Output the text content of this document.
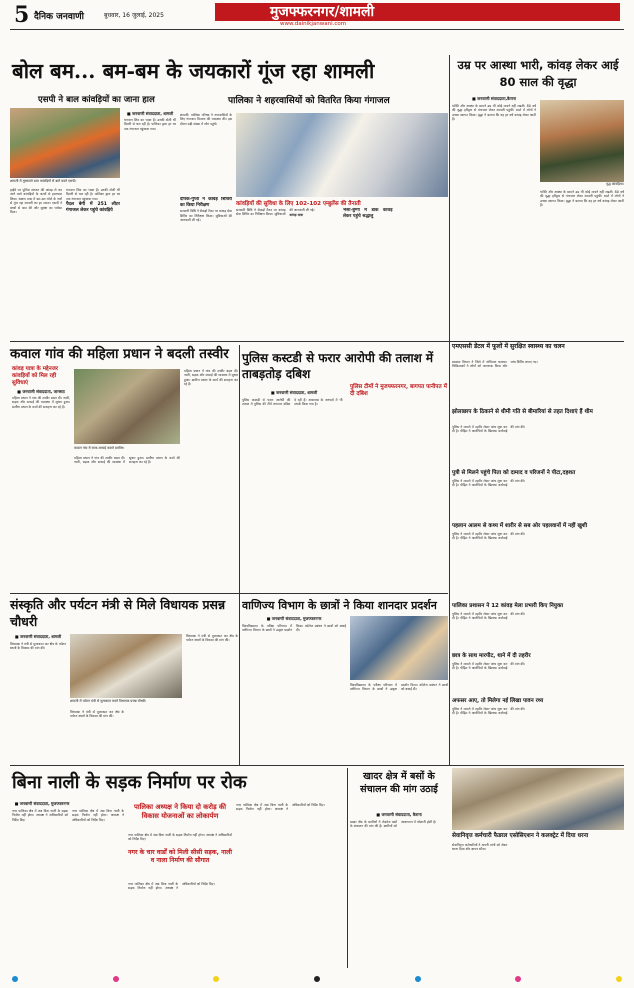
5 दैनिक जनवाणी	बुधवार, 16 जुलाई, 2025	मुजफ्फरनगर/शामली
www.dainikjanwani.com
बोल बम... बम-बम के जयकारों गूंज रहा शामली
एसपी ने बाल कांवड़ियों का जाना हाल	पालिका ने शहरवासियों को वितरित किया गंगाजल
शामली में मुस्कराते बाल कांवड़ियों से बातें करते एसपी।

हाईवे पर पुलिस संगठन की कांवड़ ले कर जाने वाले कांवड़ियों के जत्थों से हालचाल लिया। श्रावण मास में बम-बम भोले के नारों से गूंज रहा शामली का हर रास्ता। एसपी ने बच्चों से बात की और सुरक्षा का भरोसा दिया।

भगवान शिव का भक्त हैं। उनकी टोली भी दिल्ली से चल रही है। पालिका द्वारा हर घर तक गंगाजल पहुंचाया गया।

पैदल बेगी में 251 लीटर गंगाजल लेकर पहुंचे कांवड़िये

■ जनवाणी संवाददाता, शामली

भगवान शिव का भक्त हैं। उनकी टोली भी दिल्ली से चल रही है। पालिका द्वारा हर घर तक गंगाजल पहुंचाया गया।

शामली: पालिका परिषद ने नगरवासियों के लिए गंगाजल वितरण की व्यवस्था की। इस दौरान बड़ी संख्या में लोग पहुंचे।

कांवड़ियों की सुविधा के लिए 102-102 एम्बुलेंस की तैनाती

दीपक-गुप्ता ने कांवड़ शिविरों का किया निरीक्षण

सरकारी बिधि ने सैकड़ों टैंकर पर कांवड़ सेवा शिविर का निरीक्षण किया। सुविधाओं की जानकारी ली गई।

सरकारी बिधि ने सैकड़ों टैंकर पर कांवड़ सेवा शिविर का निरीक्षण किया। सुविधाओं की जानकारी ली गई।

कांवड़ यात्रा

भैंसा-बुग्गी में डाक कांवड़ लेकर पहुंचे श्रद्धालु

उम्र पर आस्था भारी, कांवड़ लेकर आई 80 साल की वृद्धा
■ जनवाणी संवाददाता,कैराना
वृद्ध कांवड़िया।

भक्ति और आस्था के सामने उम्र भी कोई मायने नहीं रखती। 80 वर्ष की वृद्धा हरिद्वार से गंगाजल लेकर शामली पहुंची। रास्ते में लोगों ने उनका स्वागत किया। वृद्धा ने बताया कि वह हर वर्ष कांवड़ लेकर आती हैं।

भक्ति और आस्था के सामने उम्र भी कोई मायने नहीं रखती। 80 वर्ष की वृद्धा हरिद्वार से गंगाजल लेकर शामली पहुंची। रास्ते में लोगों ने उनका स्वागत किया। वृद्धा ने बताया कि वह हर वर्ष कांवड़ लेकर आती हैं।

कवाल गांव की महिला प्रधान ने बदली तस्वीर
कांवड़ यात्रा के मद्देनजर कांवड़ियों को मिल रही सुविधाएं
■ जनवाणी संवाददाता, जानसठ

महिला प्रधान ने गांव की तस्वीर बदल दी। नाली, सड़क और सफाई की व्यवस्था में सुधार हुआ। ग्रामीण प्रधान के कार्य की सराहना कर रहे हैं।

कवाल गांव में साफ-सफाई कराते ग्रामीण।

महिला प्रधान ने गांव की तस्वीर बदल दी। नाली, सड़क और सफाई की व्यवस्था में सुधार हुआ। ग्रामीण प्रधान के कार्य की सराहना कर रहे हैं।

महिला प्रधान ने गांव की तस्वीर बदल दी। नाली, सड़क और सफाई की व्यवस्था में सुधार हुआ। ग्रामीण प्रधान के कार्य की सराहना कर रहे हैं।

पुलिस कस्टडी से फरार आरोपी की तलाश में ताबड़तोड़ दबिश
पुलिस टीमों ने मुजफ्फरनगर, बागपत पानीपत में दी दबिश
■ जनवाणी संवाददाता, शामली

पुलिस कस्टडी से फरार आरोपी की तलाश में पुलिस की टीमें लगातार दबिश दे रही हैं। आसपास के जनपदों में भी संपर्क किया गया है।

एमएससी डेंटल में फूलों में सुरक्षित स्वास्थ्य का चलन

स्वास्थ्य विभाग ने जिले में अभियान चलाया। चिकित्सकों ने लोगों को जागरूक किया और जांच शिविर लगाए गए।

झोलाछाप के ठिकाने से धीमी गति से बीमारियां से तहत दिशाएं हैं थीम

पुलिस ने मामले में तहरीर लेकर जांच शुरू कर दी है। पीड़ित ने आरोपियों के खिलाफ कार्रवाई की मांग की।

पुत्री से मिलने पहुंचे पिता को दामाद व परिजनों ने पीटा,दहशत

पुलिस ने मामले में तहरीर लेकर जांच शुरू कर दी है। पीड़ित ने आरोपियों के खिलाफ कार्रवाई की मांग की।

पहलान आलम से कथ्य में शारीर से सब ओर पहलवानों में नहीं खुशी

पुलिस ने मामले में तहरीर लेकर जांच शुरू कर दी है। पीड़ित ने आरोपियों के खिलाफ कार्रवाई की मांग की।

पालिका प्रशासन ने 12 कांवड़ मेला प्रभारी किए नियुक्त

पुलिस ने मामले में तहरीर लेकर जांच शुरू कर दी है। पीड़ित ने आरोपियों के खिलाफ कार्रवाई की मांग की।

छात्र के साथ मारपीट, थाने में दी तहरीर

पुलिस ने मामले में तहरीर लेकर जांच शुरू कर दी है। पीड़ित ने आरोपियों के खिलाफ कार्रवाई की मांग की।

अफसर आए, तो मिलेगा नई लिखा पावन रथ्य

पुलिस ने मामले में तहरीर लेकर जांच शुरू कर दी है। पीड़ित ने आरोपियों के खिलाफ कार्रवाई की मांग की।

संस्कृति और पर्यटन मंत्री से मिले विधायक प्रसन्न चौधरी
■ जनवाणी संवाददाता, शामली

विधायक ने मंत्री से मुलाकात कर क्षेत्र के पर्यटन स्थलों के विकास की मांग की।

शामली में पर्यटन मंत्री से मुलाकात करते विधायक प्रसन्न चौधरी।

विधायक ने मंत्री से मुलाकात कर क्षेत्र के पर्यटन स्थलों के विकास की मांग की।

विधायक ने मंत्री से मुलाकात कर क्षेत्र के पर्यटन स्थलों के विकास की मांग की।

वाणिज्य विभाग के छात्रों ने किया शानदार प्रदर्शन
■ जनवाणी संवाददाता, मुजफ्फरनगर

विश्वविद्यालय के परीक्षा परिणाम में वाणिज्य विभाग के छात्रों ने उत्कृष्ट प्रदर्शन किया। कॉलेज प्रबंधन ने छात्रों को बधाई दी।

विश्वविद्यालय के परीक्षा परिणाम में वाणिज्य विभाग के छात्रों ने उत्कृष्ट प्रदर्शन किया। कॉलेज प्रबंधन ने छात्रों को बधाई दी।

बिना नाली के सड़क निर्माण पर रोक
■ जनवाणी संवाददाता, मुजफ्फरनगर

नगर पालिका क्षेत्र में अब बिना नाली के सड़क निर्माण नहीं होगा। अध्यक्ष ने अधिकारियों को निर्देश दिए।

नगर पालिका क्षेत्र में अब बिना नाली के सड़क निर्माण नहीं होगा। अध्यक्ष ने अधिकारियों को निर्देश दिए।

पालिका अध्यक्ष ने किया दो करोड़ की विकास योजनाओं का लोकार्पण

नगर पालिका क्षेत्र में अब बिना नाली के सड़क निर्माण नहीं होगा। अध्यक्ष ने अधिकारियों को निर्देश दिए।

नगर के चार वार्डों को मिली सीसी सड़क, नाली व नाला निर्माण की सौगात

नगर पालिका क्षेत्र में अब बिना नाली के सड़क निर्माण नहीं होगा। अध्यक्ष ने अधिकारियों को निर्देश दिए।

नगर पालिका क्षेत्र में अब बिना नाली के सड़क निर्माण नहीं होगा। अध्यक्ष ने अधिकारियों को निर्देश दिए।

खादर क्षेत्र में बसों के संचालन की मांग उठाई
■ जनवाणी संवाददाता, कैराना

खादर क्षेत्र के ग्रामीणों ने रोडवेज बसों के संचालन की मांग की है। ग्रामीणों को आवागमन में परेशानी होती है।

सेवानिवृत्त कर्मचारी फैडरल एसोसिएशन ने कलक्ट्रेट में दिया धरना

सेवानिवृत्त कर्मचारियों ने अपनी मांगों को लेकर धरना दिया और ज्ञापन सौंपा।
